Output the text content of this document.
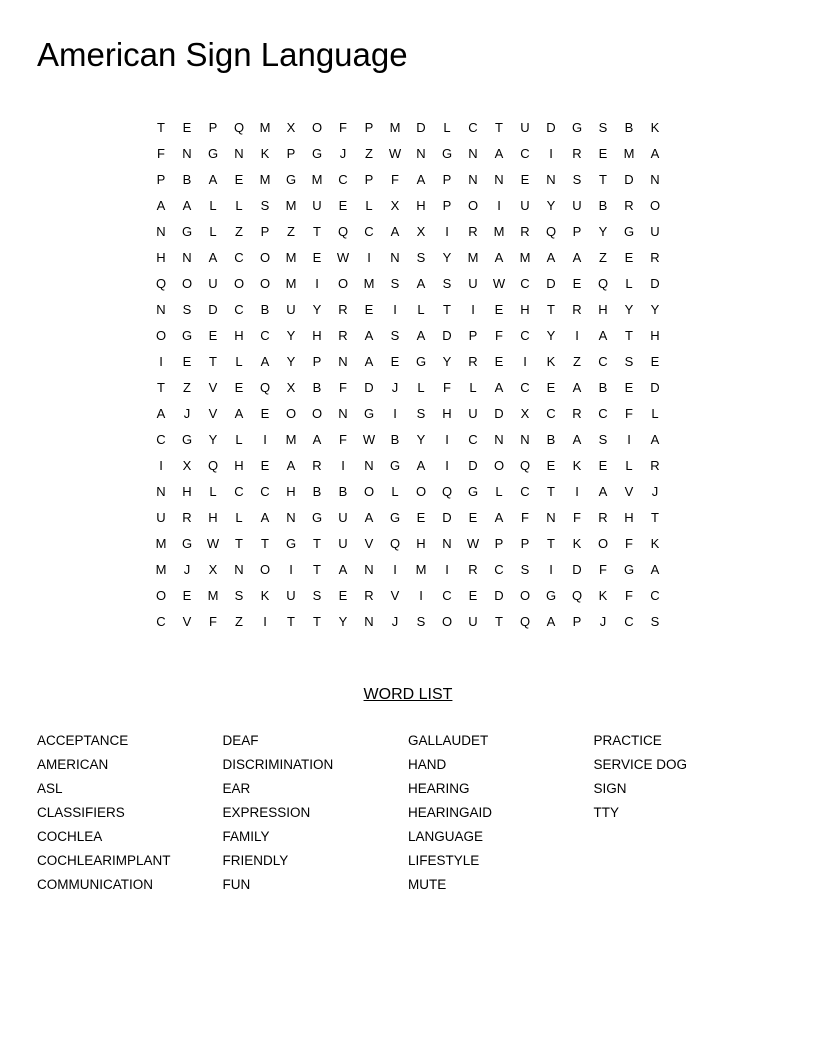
American Sign Language
T	E	P	Q	M	X	O	F	P	M	D	L	C	T	U	D	G	S	B	K
F	N	G	N	K	P	G	J	Z	W	N	G	N	A	C	I	R	E	M	A
P	B	A	E	M	G	M	C	P	F	A	P	N	N	E	N	S	T	D	N
A	A	L	L	S	M	U	E	L	X	H	P	O	I	U	Y	U	B	R	O
N	G	L	Z	P	Z	T	Q	C	A	X	I	R	M	R	Q	P	Y	G	U
H	N	A	C	O	M	E	W	I	N	S	Y	M	A	M	A	A	Z	E	R
Q	O	U	O	O	M	I	O	M	S	A	S	U	W	C	D	E	Q	L	D
N	S	D	C	B	U	Y	R	E	I	L	T	I	E	H	T	R	H	Y	Y
O	G	E	H	C	Y	H	R	A	S	A	D	P	F	C	Y	I	A	T	H
I	E	T	L	A	Y	P	N	A	E	G	Y	R	E	I	K	Z	C	S	E
T	Z	V	E	Q	X	B	F	D	J	L	F	L	A	C	E	A	B	E	D
A	J	V	A	E	O	O	N	G	I	S	H	U	D	X	C	R	C	F	L
C	G	Y	L	I	M	A	F	W	B	Y	I	C	N	N	B	A	S	I	A
I	X	Q	H	E	A	R	I	N	G	A	I	D	O	Q	E	K	E	L	R
N	H	L	C	C	H	B	B	O	L	O	Q	G	L	C	T	I	A	V	J
U	R	H	L	A	N	G	U	A	G	E	D	E	A	F	N	F	R	H	T
M	G	W	T	T	G	T	U	V	Q	H	N	W	P	P	T	K	O	F	K
M	J	X	N	O	I	T	A	N	I	M	I	R	C	S	I	D	F	G	A
O	E	M	S	K	U	S	E	R	V	I	C	E	D	O	G	Q	K	F	C
C	V	F	Z	I	T	T	Y	N	J	S	O	U	T	Q	A	P	J	C	S
WORD LIST
ACCEPTANCE
AMERICAN
ASL
CLASSIFIERS
COCHLEA
COCHLEARIMPLANT
COMMUNICATION
DEAF
DISCRIMINATION
EAR
EXPRESSION
FAMILY
FRIENDLY
FUN
GALLAUDET
HAND
HEARING
HEARINGAID
LANGUAGE
LIFESTYLE
MUTE
PRACTICE
SERVICE DOG
SIGN
TTY
